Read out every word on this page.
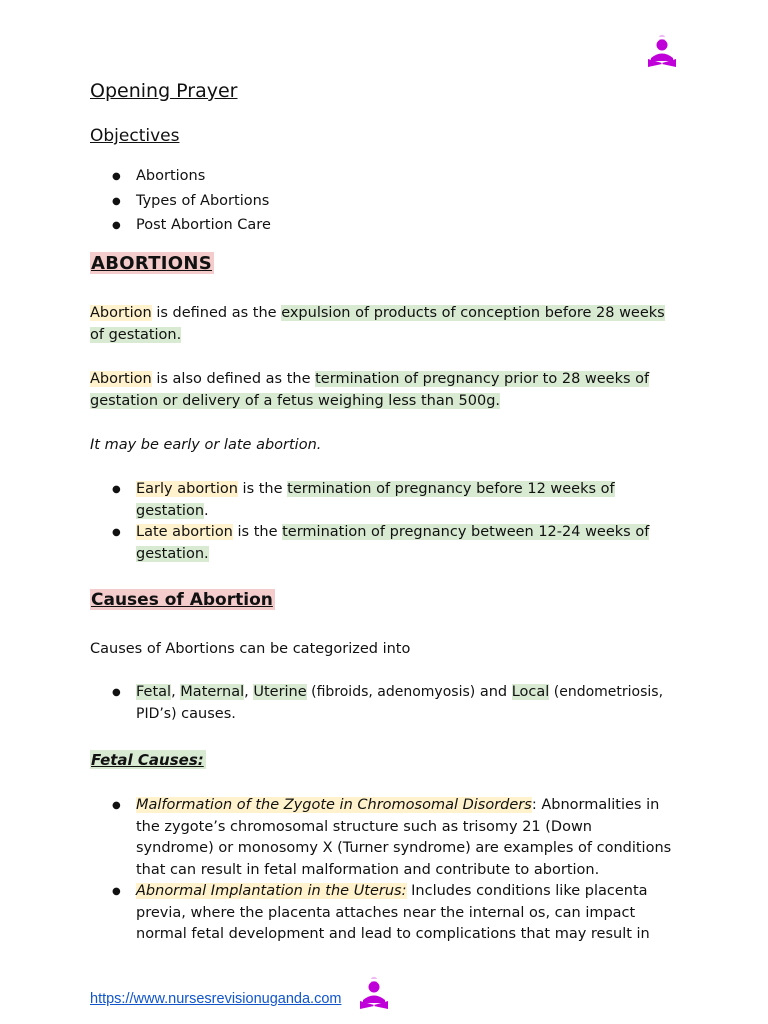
Opening Prayer
Objectives
● Abortions
● Types of Abortions
● Post Abortion Care
ABORTIONS

Abortion is defined as the expulsion of products of conception before 28 weeks of gestation.

Abortion is also defined as the termination of pregnancy prior to 28 weeks of gestation or delivery of a fetus weighing less than 500g.

It may be early or late abortion.

● Early abortion is the termination of pregnancy before 12 weeks of gestation.
● Late abortion is the termination of pregnancy between 12-24 weeks of gestation.
Causes of Abortion

Causes of Abortions can be categorized into

● Fetal, Maternal, Uterine (fibroids, adenomyosis) and Local (endometriosis, PID’s) causes.
Fetal Causes:
● Malformation of the Zygote in Chromosomal Disorders: Abnormalities in the zygote’s chromosomal structure such as trisomy 21 (Down syndrome) or monosomy X (Turner syndrome) are examples of conditions that can result in fetal malformation and contribute to abortion.
● Abnormal Implantation in the Uterus: Includes conditions like placenta previa, where the placenta attaches near the internal os, can impact normal fetal development and lead to complications that may result in
https://www.nursesrevisionuganda.com
